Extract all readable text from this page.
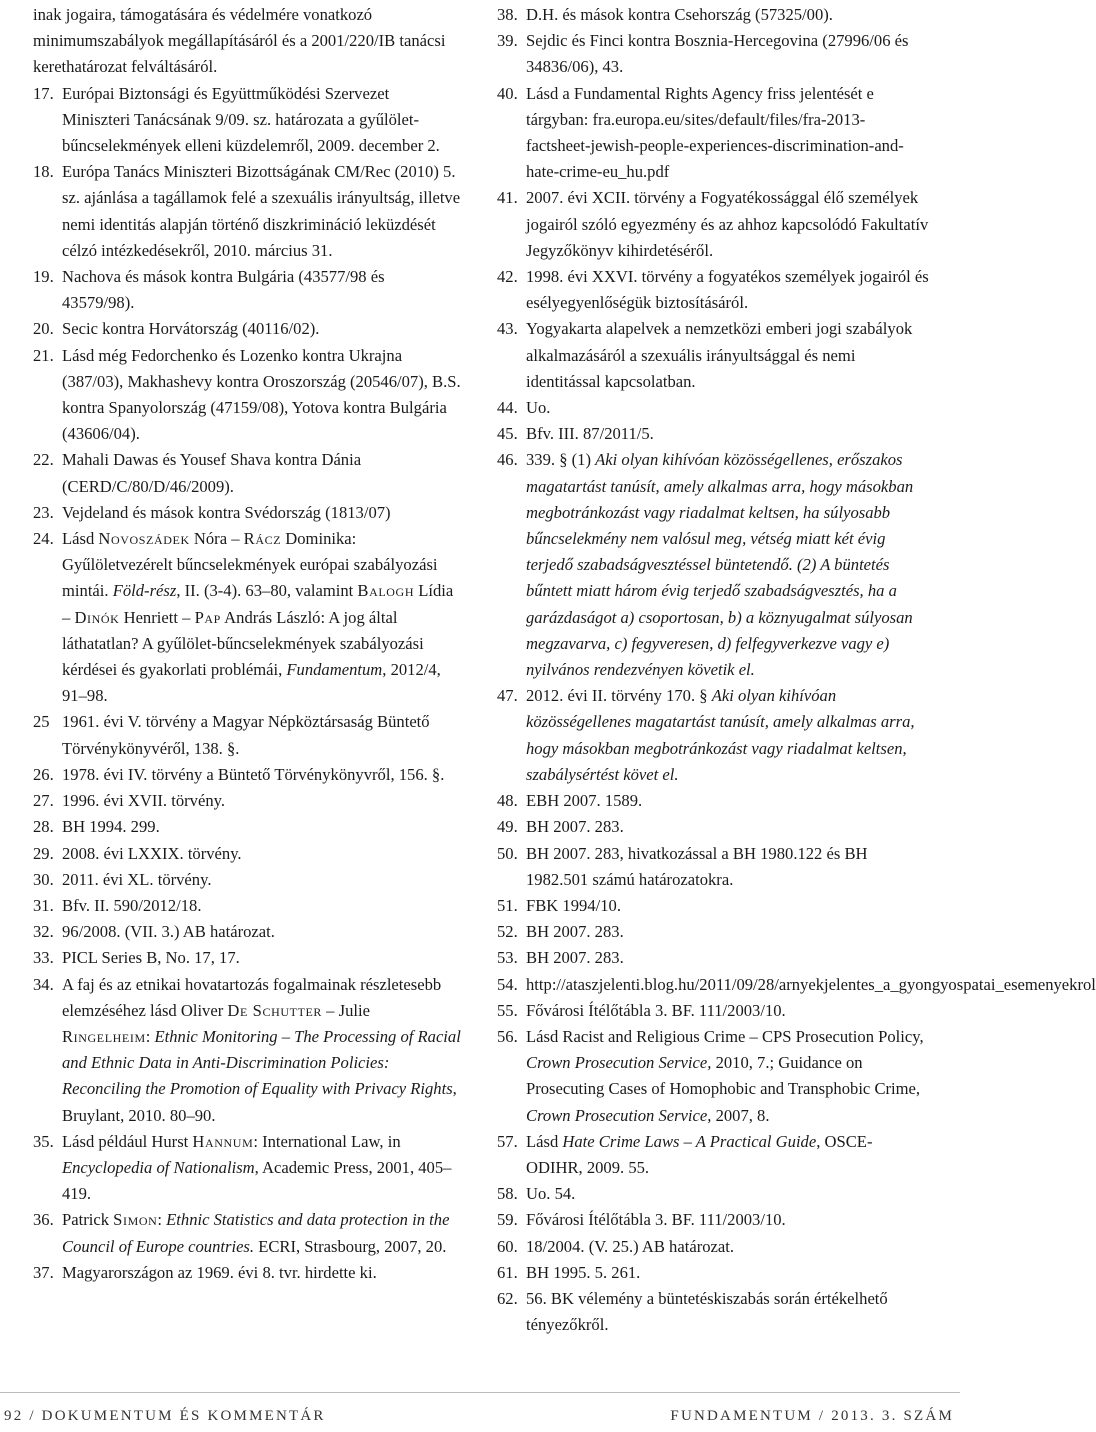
inak jogaira, támogatására és védelmére vonatkozó minimumszabályok megállapításáról és a 2001/220/IB tanácsi kerethatározat felváltásáról.
17. Európai Biztonsági és Együttműködési Szervezet Miniszteri Tanácsának 9/09. sz. határozata a gyűlölet-bűncselekmények elleni küzdelemről, 2009. december 2.
18. Európa Tanács Miniszteri Bizottságának CM/Rec (2010) 5. sz. ajánlása a tagállamok felé a szexuális irányultság, illetve nemi identitás alapján történő diszkrimináció leküzdését célzó intézkedésekről, 2010. március 31.
19. Nachova és mások kontra Bulgária (43577/98 és 43579/98).
20. Secic kontra Horvátország (40116/02).
21. Lásd még Fedorchenko és Lozenko kontra Ukrajna (387/03), Makhashevy kontra Oroszország (20546/07), B.S. kontra Spanyolország (47159/08), Yotova kontra Bulgária (43606/04).
22. Mahali Dawas és Yousef Shava kontra Dánia (CERD/C/80/D/46/2009).
23. Vejdeland és mások kontra Svédország (1813/07)
24. Lásd Novoszádek Nóra – Rácz Dominika: Gyűlöletvezérelt bűncselekmények európai szabályozási mintái. Föld-rész, II. (3-4). 63–80, valamint Balogh Lídia – Dinók Henriett – Pap András László: A jog által láthatatlan? A gyűlölet-bűncselekmények szabályozási kérdései és gyakorlati problémái, Fundamentum, 2012/4, 91–98.
25 1961. évi V. törvény a Magyar Népköztársaság Büntető Törvénykönyvéről, 138. §.
26. 1978. évi IV. törvény a Büntető Törvénykönyvről, 156. §.
27. 1996. évi XVII. törvény.
28. BH 1994. 299.
29. 2008. évi LXXIX. törvény.
30. 2011. évi XL. törvény.
31. Bfv. II. 590/2012/18.
32. 96/2008. (VII. 3.) AB határozat.
33. PICL Series B, No. 17, 17.
34. A faj és az etnikai hovatartozás fogalmainak részletesebb elemzéséhez lásd Oliver De Schutter – Julie Ringelheim: Ethnic Monitoring – The Processing of Racial and Ethnic Data in Anti-Discrimination Policies: Reconciling the Promotion of Equality with Privacy Rights, Bruylant, 2010. 80–90.
35. Lásd például Hurst Hannum: International Law, in Encyclopedia of Nationalism, Academic Press, 2001, 405–419.
36. Patrick Simon: Ethnic Statistics and data protection in the Council of Europe countries. ECRI, Strasbourg, 2007, 20.
37. Magyarországon az 1969. évi 8. tvr. hirdette ki.
38. D.H. és mások kontra Csehország (57325/00).
39. Sejdic és Finci kontra Bosznia-Hercegovina (27996/06 és 34836/06), 43.
40. Lásd a Fundamental Rights Agency friss jelentését e tárgyban: fra.europa.eu/sites/default/files/fra-2013-factsheet-jewish-people-experiences-discrimination-and-hate-crime-eu_hu.pdf
41. 2007. évi XCII. törvény a Fogyatékossággal élő személyek jogairól szóló egyezmény és az ahhoz kapcsolódó Fakultatív Jegyzőkönyv kihirdetéséről.
42. 1998. évi XXVI. törvény a fogyatékos személyek jogairól és esélyegyenlőségük biztosításáról.
43. Yogyakarta alapelvek a nemzetközi emberi jogi szabályok alkalmazásáról a szexuális irányultsággal és nemi identitással kapcsolatban.
44. Uo.
45. Bfv. III. 87/2011/5.
46. 339. § (1) Aki olyan kihívóan közösségellenes, erőszakos magatartást tanúsít, amely alkalmas arra, hogy másokban megbotránkozást vagy riadalmat keltsen, ha súlyosabb bűncselekmény nem valósul meg, vétség miatt két évig terjedő szabadságvesztéssel büntetendő. (2) A büntetés bűntett miatt három évig terjedő szabadságvesztés, ha a garázdaságot a) csoportosan, b) a köznyugalmat súlyosan megzavarva, c) fegyveresen, d) felfegyverkezve vagy e) nyilvános rendezvényen követik el.
47. 2012. évi II. törvény 170. § Aki olyan kihívóan közösségellenes magatartást tanúsít, amely alkalmas arra, hogy másokban megbotránkozást vagy riadalmat keltsen, szabálysértést követ el.
48. EBH 2007. 1589.
49. BH 2007. 283.
50. BH 2007. 283, hivatkozással a BH 1980.122 és BH 1982.501 számú határozatokra.
51. FBK 1994/10.
52. BH 2007. 283.
53. BH 2007. 283.
54. http://ataszjelenti.blog.hu/2011/09/28/arnyekjelentes_a_gyongyospatai_esemenyekrol
55. Fővárosi Ítélőtábla 3. BF. 111/2003/10.
56. Lásd Racist and Religious Crime – CPS Prosecution Policy, Crown Prosecution Service, 2010, 7.; Guidance on Prosecuting Cases of Homophobic and Transphobic Crime, Crown Prosecution Service, 2007, 8.
57. Lásd Hate Crime Laws – A Practical Guide, OSCE-ODIHR, 2009. 55.
58. Uo. 54.
59. Fővárosi Ítélőtábla 3. BF. 111/2003/10.
60. 18/2004. (V. 25.) AB határozat.
61. BH 1995. 5. 261.
62. 56. BK vélemény a büntetéskiszabás során értékelhető tényezőkről.
92 / DOKUMENTUM ÉS KOMMENTÁR	FUNDAMENTUM / 2013. 3. SZÁM
